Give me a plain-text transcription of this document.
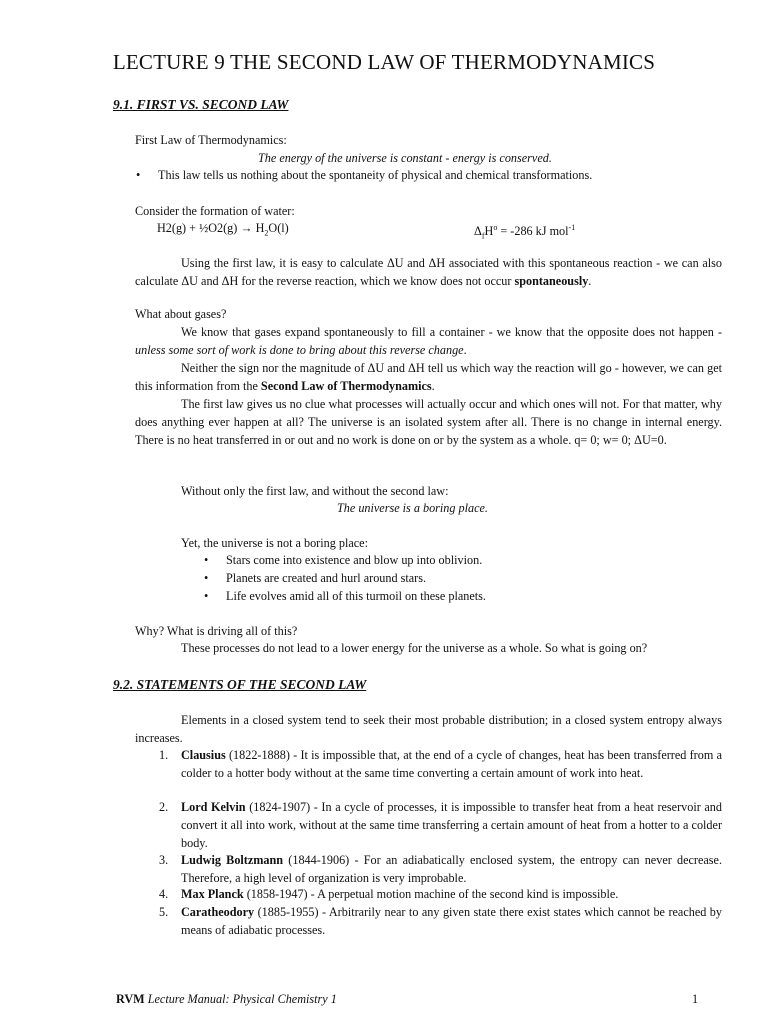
LECTURE 9 THE SECOND LAW OF THERMODYNAMICS
9.1. FIRST VS. SECOND LAW
First Law of Thermodynamics:
The energy of the universe is constant - energy is conserved.
• This law tells us nothing about the spontaneity of physical and chemical transformations.
Consider the formation of water:
H2(g) + ½O2(g) → $H_2O(l)$	$\Delta_fH^o = -286$ kJ mol$^{-1}$

Using the first law, it is easy to calculate ΔU and ΔH associated with this spontaneous reaction - we can also calculate ΔU and ΔH for the reverse reaction, which we know does not occur spontaneously.

What about gases?

We know that gases expand spontaneously to fill a container - we know that the opposite does not happen - unless some sort of work is done to bring about this reverse change.

Neither the sign nor the magnitude of ΔU and ΔH tell us which way the reaction will go - however, we can get this information from the Second Law of Thermodynamics.

The first law gives us no clue what processes will actually occur and which ones will not. For that matter, why does anything ever happen at all? The universe is an isolated system after all. There is no change in internal energy. There is no heat transferred in or out and no work is done on or by the system as a whole. q= 0; w= 0; ΔU=0.

Without only the first law, and without the second law:
The universe is a boring place.
Yet, the universe is not a boring place:
• Stars come into existence and blow up into oblivion.
• Planets are created and hurl around stars.
• Life evolves amid all of this turmoil on these planets.
Why? What is driving all of this?
These processes do not lead to a lower energy for the universe as a whole. So what is going on?
9.2. STATEMENTS OF THE SECOND LAW

Elements in a closed system tend to seek their most probable distribution; in a closed system entropy always increases.

1. Clausius (1822-1888) - It is impossible that, at the end of a cycle of changes, heat has been transferred from a colder to a hotter body without at the same time converting a certain amount of work into heat.
2. Lord Kelvin (1824-1907) - In a cycle of processes, it is impossible to transfer heat from a heat reservoir and convert it all into work, without at the same time transferring a certain amount of heat from a hotter to a colder body.
3. Ludwig Boltzmann (1844-1906) - For an adiabatically enclosed system, the entropy can never decrease. Therefore, a high level of organization is very improbable.
4. Max Planck (1858-1947) - A perpetual motion machine of the second kind is impossible.
5. Caratheodory (1885-1955) - Arbitrarily near to any given state there exist states which cannot be reached by means of adiabatic processes.
RVM Lecture Manual: Physical Chemistry 1	1
